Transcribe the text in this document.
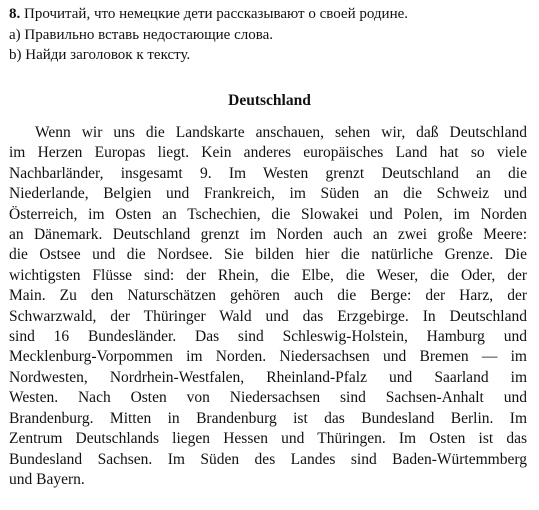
8. Прочитай, что немецкие дети рассказывают о своей родине.
а) Правильно вставь недостающие слова.
b) Найди заголовок к тексту.
Deutschland
Wenn wir uns die Landskarte anschauen, sehen wir, daß Deutschland
im Herzen Europas liegt. Kein anderes europäisches Land hat so viele
Nachbarländer, insgesamt 9. Im Westen grenzt Deutschland an die
Niederlande, Belgien und Frankreich, im Süden an die Schweiz und
Österreich, im Osten an Tschechien, die Slowakei und Polen, im Norden
an Dänemark. Deutschland grenzt im Norden auch an zwei große Meere:
die Ostsee und die Nordsee. Sie bilden hier die natürliche Grenze. Die
wichtigsten Flüsse sind: der Rhein, die Elbe, die Weser, die Oder, der
Main. Zu den Naturschätzen gehören auch die Berge: der Harz, der
Schwarzwald, der Thüringer Wald und das Erzgebirge. In Deutschland
sind 16 Bundesländer. Das sind Schleswig-Holstein, Hamburg und
Mecklenburg-Vorpommen im Norden. Niedersachsen und Bremen — im
Nordwesten, Nordrhein-Westfalen, Rheinland-Pfalz und Saarland im
Westen. Nach Osten von Niedersachsen sind Sachsen-Anhalt und
Brandenburg. Mitten in Brandenburg ist das Bundesland Berlin. Im
Zentrum Deutschlands liegen Hessen und Thüringen. Im Osten ist das
Bundesland Sachsen. Im Süden des Landes sind Baden-Würtemmberg
und Bayern.
